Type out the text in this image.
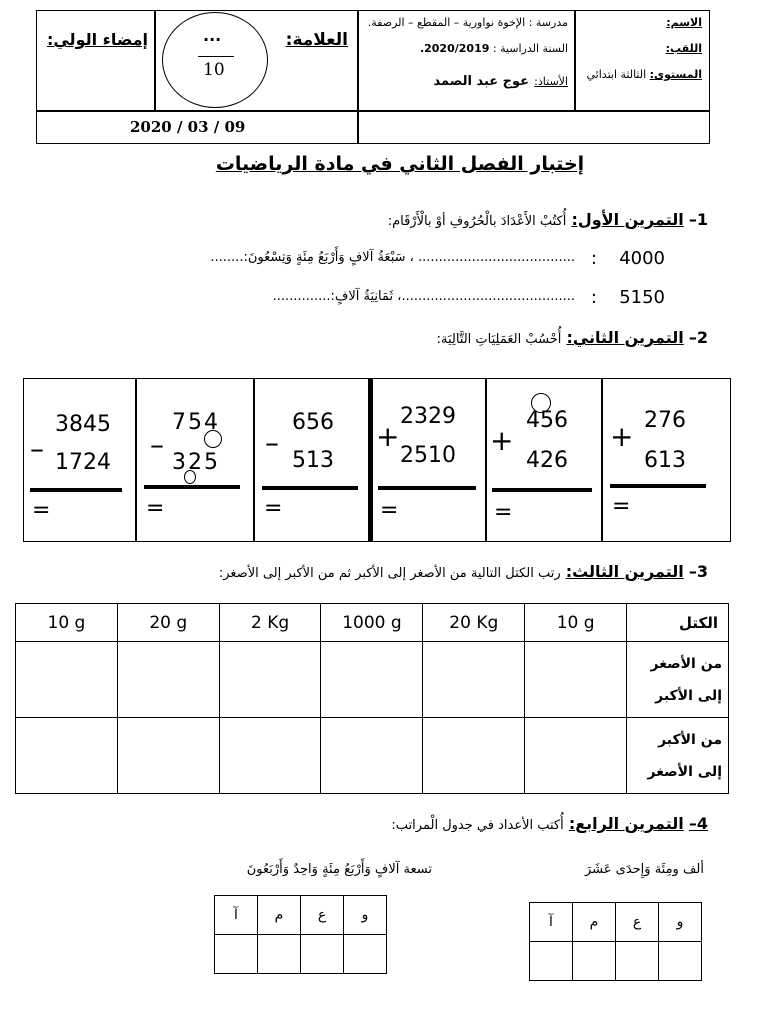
الاسم:
اللقب:
المستوى: الثالثة ابتدائي
مدرسة : الإخوة نواورية – المقطع – الرصفة.
السنة الدراسية : 2020/2019.
الأستاذ: عوج عبد الصمد
العلامة:
...
10
إمضاء الولي:
2020 / 03 / 09
إختبار الفصل الثاني في مادة الرياضيات
1– التمرين الأول: أُكتُبْ الأَعْدَادَ بالْحُرُوفِ أوْ بالْأَرْقَام:
...................................... ، سَبْعَةُ آلافٍ وَأَرْبَعُ مِئَةٍ وَتِسْعُونَ:........ : 4000
..........................................، ثَمَانِيَةُ آلافٍ:.............. : 5150
2– التمرين الثاني: أُحْسُبْ العَمَلِيَاتِ التَّالِيَة:
–
3845
1724
=
–
754
325
=
–
656
513
=
+
2329
2510
=
+
456
426
=
+ 276
613
=
3– التمرين الثالث: رتب الكتل التالية من الأصغر إلى الأكبر ثم من الأكبر إلى الأصغر:
10 g	20 g	2 Kg	1000 g	20 Kg	10 g	الكتل

						من الأصغر
إلى الأكبر

						من الأكبر
إلى الأصغر
4– التمرين الرابع: أُكتب الأعداد في جدول الْمراتب:
ألف ومِئَة وَإِحدَى عَشَرَ
تسعة آلافٍ وَأَرْبَعُ مِئَةٍ وَاحِدٌ وَأَرْبَعُونَ
آ	م	ع	و

آ	م	ع	و
